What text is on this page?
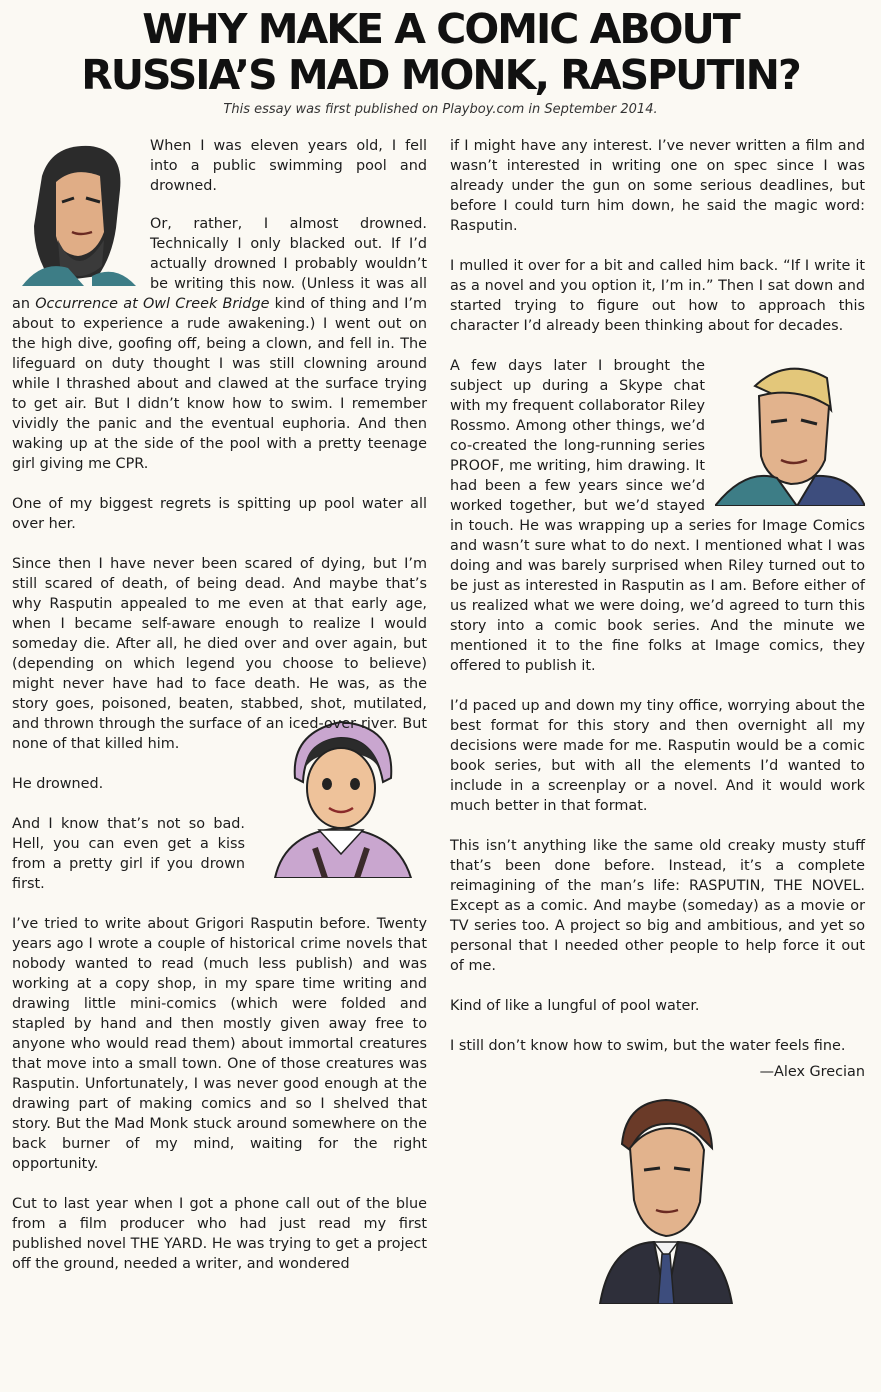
WHY MAKE A COMIC ABOUT
RUSSIA’S MAD MONK, RASPUTIN?
This essay was first published on Playboy.com in September 2014.

When I was eleven years old, I fell into a public swimming pool and drowned.

Or, rather, I almost drowned. Technically I only blacked out. If I’d actually drowned I probably wouldn’t be writing this now. (Unless it was all an Occurrence at Owl Creek Bridge kind of thing and I’m about to experience a rude awakening.) I went out on the high dive, goofing off, being a clown, and fell in. The lifeguard on duty thought I was still clowning around while I thrashed about and clawed at the surface trying to get air. But I didn’t know how to swim. I remember vividly the panic and the eventual euphoria. And then waking up at the side of the pool with a pretty teenage girl giving me CPR.

One of my biggest regrets is spitting up pool water all over her.

Since then I have never been scared of dying, but I’m still scared of death, of being dead. And maybe that’s why Rasputin appealed to me even at that early age, when I became self-aware enough to realize I would someday die. After all, he died over and over again, but (depending on which legend you choose to believe) might never have had to face death. He was, as the story goes, poisoned, beaten, stabbed, shot, mutilated, and thrown through the surface of an iced-over river. But none of that killed him.

He drowned.

And I know that’s not so bad. Hell, you can even get a kiss from a pretty girl if you drown first.

I’ve tried to write about Grigori Rasputin before. Twenty years ago I wrote a couple of historical crime novels that nobody wanted to read (much less publish) and was working at a copy shop, in my spare time writing and drawing little mini-comics (which were folded and stapled by hand and then mostly given away free to anyone who would read them) about immortal creatures that move into a small town. One of those creatures was Rasputin. Unfortunately, I was never good enough at the drawing part of making comics and so I shelved that story. But the Mad Monk stuck around somewhere on the back burner of my mind, waiting for the right opportunity.

Cut to last year when I got a phone call out of the blue from a film producer who had just read my first published novel THE YARD. He was trying to get a project off the ground, needed a writer, and wondered

if I might have any interest. I’ve never written a film and wasn’t interested in writing one on spec since I was already under the gun on some serious deadlines, but before I could turn him down, he said the magic word: Rasputin.

I mulled it over for a bit and called him back. “If I write it as a novel and you option it, I’m in.” Then I sat down and started trying to figure out how to approach this character I’d already been thinking about for decades.

A few days later I brought the subject up during a Skype chat with my frequent collaborator Riley Rossmo. Among other things, we’d co-created the long-running series PROOF, me writing, him drawing. It had been a few years since we’d worked together, but we’d stayed in touch. He was wrapping up a series for Image Comics and wasn’t sure what to do next. I mentioned what I was doing and was barely surprised when Riley turned out to be just as interested in Rasputin as I am. Before either of us realized what we were doing, we’d agreed to turn this story into a comic book series. And the minute we mentioned it to the fine folks at Image comics, they offered to publish it.

I’d paced up and down my tiny office, worrying about the best format for this story and then overnight all my decisions were made for me. Rasputin would be a comic book series, but with all the elements I’d wanted to include in a screenplay or a novel. And it would work much better in that format.

This isn’t anything like the same old creaky musty stuff that’s been done before. Instead, it’s a complete reimagining of the man’s life: RASPUTIN, THE NOVEL. Except as a comic. And maybe (someday) as a movie or TV series too. A project so big and ambitious, and yet so personal that I needed other people to help force it out of me.

Kind of like a lungful of pool water.

I still don’t know how to swim, but the water feels fine.

—Alex Grecian
